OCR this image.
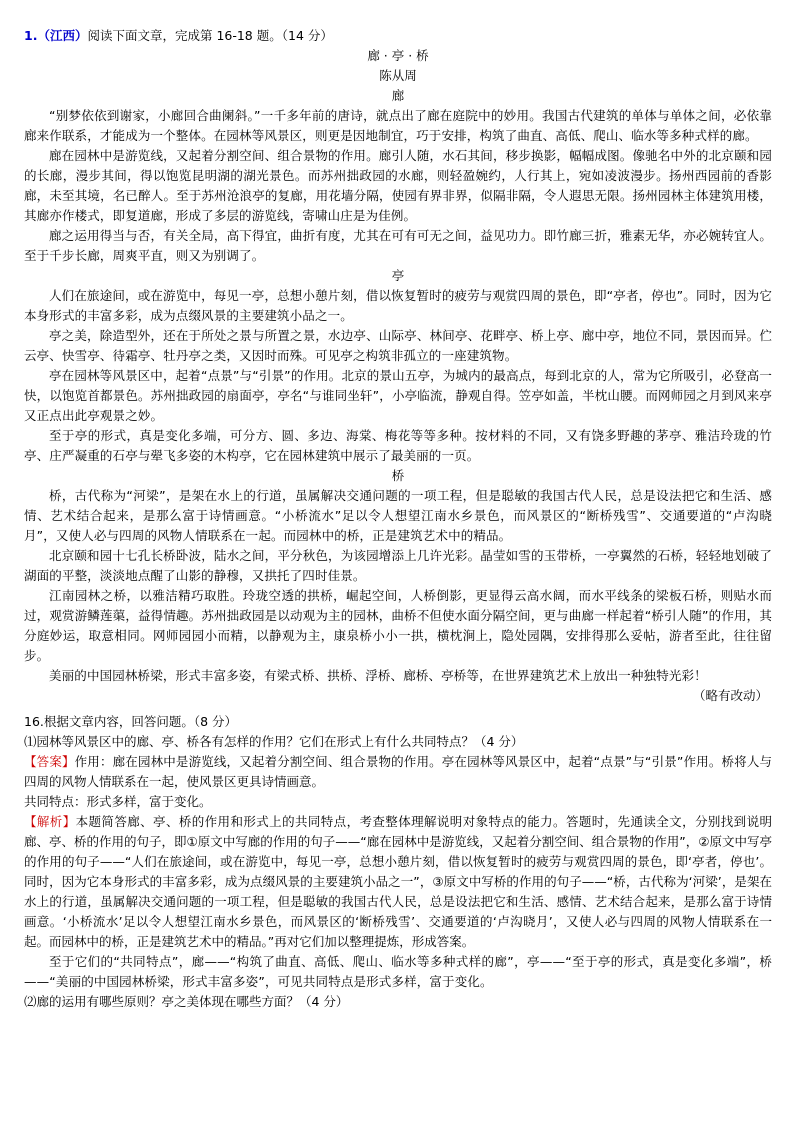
1.（江西）阅读下面文章，完成第 16-18 题。（14 分）

廊 · 亭 · 桥

陈从周

廊

“别梦依依到谢家，小廊回合曲阑斜。”一千多年前的唐诗，就点出了廊在庭院中的妙用。我国古代建筑的单体与单体之间，必依靠廊来作联系，才能成为一个整体。在园林等风景区，则更是因地制宜，巧于安排，构筑了曲直、高低、爬山、临水等多种式样的廊。

廊在园林中是游览线，又起着分割空间、组合景物的作用。廊引人随，水石其间，移步换影，幅幅成图。像驰名中外的北京颐和园的长廊，漫步其间，得以饱览昆明湖的湖光景色。而苏州拙政园的水廊，则轻盈婉约，人行其上，宛如凌波漫步。扬州西园前的香影廊，未至其境，名已醉人。至于苏州沧浪亭的复廊，用花墙分隔，使园有界非界，似隔非隔，令人遐思无限。扬州园林主体建筑用楼，其廊亦作楼式，即复道廊，形成了多层的游览线，寄啸山庄是为佳例。

廊之运用得当与否，有关全局，高下得宜，曲折有度，尤其在可有可无之间，益见功力。即竹廊三折，雅素无华，亦必婉转宜人。至于千步长廊，周爽平直，则又为别调了。

亭

人们在旅途间，或在游览中，每见一亭，总想小憩片刻，借以恢复暂时的疲劳与观赏四周的景色，即“亭者，停也”。同时，因为它本身形式的丰富多彩，成为点缀风景的主要建筑小品之一。

亭之美，除造型外，还在于所处之景与所置之景，水边亭、山际亭、林间亭、花畔亭、桥上亭、廊中亭，地位不同，景因而异。伫云亭、快雪亭、待霜亭、牡丹亭之类，又因时而殊。可见亭之构筑非孤立的一座建筑物。

亭在园林等风景区中，起着“点景”与“引景”的作用。北京的景山五亭，为城内的最高点，每到北京的人，常为它所吸引，必登高一快，以饱览首都景色。苏州拙政园的扇面亭，亭名“与谁同坐轩”，小亭临流，静观自得。笠亭如盖，半枕山腰。而网师园之月到风来亭又正点出此亭观景之妙。

至于亭的形式，真是变化多端，可分方、圆、多边、海棠、梅花等等多种。按材料的不同，又有饶多野趣的茅亭、雅洁玲珑的竹亭、庄严凝重的石亭与翚飞多姿的木构亭，它在园林建筑中展示了最美丽的一页。

桥

桥，古代称为“河梁”，是架在水上的行道，虽属解决交通问题的一项工程，但是聪敏的我国古代人民，总是设法把它和生活、感情、艺术结合起来，是那么富于诗情画意。“小桥流水”足以令人想望江南水乡景色，而风景区的“断桥残雪”、交通要道的“卢沟晓月”，又使人必与四周的风物人情联系在一起。而园林中的桥，正是建筑艺术中的精品。

北京颐和园十七孔长桥卧波，陆水之间，平分秋色，为该园增添上几许光彩。晶莹如雪的玉带桥，一亭翼然的石桥，轻轻地划破了湖面的平整，淡淡地点醒了山影的静穆，又拱托了四时佳景。

江南园林之桥，以雅洁精巧取胜。玲珑空透的拱桥，崛起空间，人桥倒影，更显得云高水阔，而水平线条的梁板石桥，则贴水而过，观赏游鳞莲蕖，益得情趣。苏州拙政园是以动观为主的园林，曲桥不但使水面分隔空间，更与曲廊一样起着“桥引人随”的作用，其分庭妙运，取意相同。网师园园小而精，以静观为主，康泉桥小小一拱，横枕涧上，隐处园隅，安排得那么妥帖，游者至此，往往留步。

美丽的中国园林桥梁，形式丰富多姿，有梁式桥、拱桥、浮桥、廊桥、亭桥等，在世界建筑艺术上放出一种独特光彩！

（略有改动）

16.根据文章内容，回答问题。（8 分）

⑴园林等风景区中的廊、亭、桥各有怎样的作用？它们在形式上有什么共同特点？（4 分）

【答案】作用：廊在园林中是游览线，又起着分割空间、组合景物的作用。亭在园林等风景区中，起着“点景”与“引景”作用。桥将人与四周的风物人情联系在一起，使风景区更具诗情画意。

共同特点：形式多样，富于变化。

【解析】本题简答廊、亭、桥的作用和形式上的共同特点，考查整体理解说明对象特点的能力。答题时，先通读全文，分别找到说明廊、亭、桥的作用的句子，即①原文中写廊的作用的句子——“廊在园林中是游览线，又起着分割空间、组合景物的作用”，②原文中写亭的作用的句子——“人们在旅途间，或在游览中，每见一亭，总想小憩片刻，借以恢复暂时的疲劳与观赏四周的景色，即‘亭者，停也’。同时，因为它本身形式的丰富多彩，成为点缀风景的主要建筑小品之一”，③原文中写桥的作用的句子——“桥，古代称为‘河梁’，是架在水上的行道，虽属解决交通问题的一项工程，但是聪敏的我国古代人民，总是设法把它和生活、感情、艺术结合起来，是那么富于诗情画意。‘小桥流水’足以令人想望江南水乡景色，而风景区的‘断桥残雪’、交通要道的‘卢沟晓月’，又使人必与四周的风物人情联系在一起。而园林中的桥，正是建筑艺术中的精品。”再对它们加以整理提炼，形成答案。

至于它们的“共同特点”，廊——“构筑了曲直、高低、爬山、临水等多种式样的廊”，亭——“至于亭的形式，真是变化多端”，桥——“美丽的中国园林桥梁，形式丰富多姿”，可见共同特点是形式多样，富于变化。

⑵廊的运用有哪些原则？亭之美体现在哪些方面？（4 分）
